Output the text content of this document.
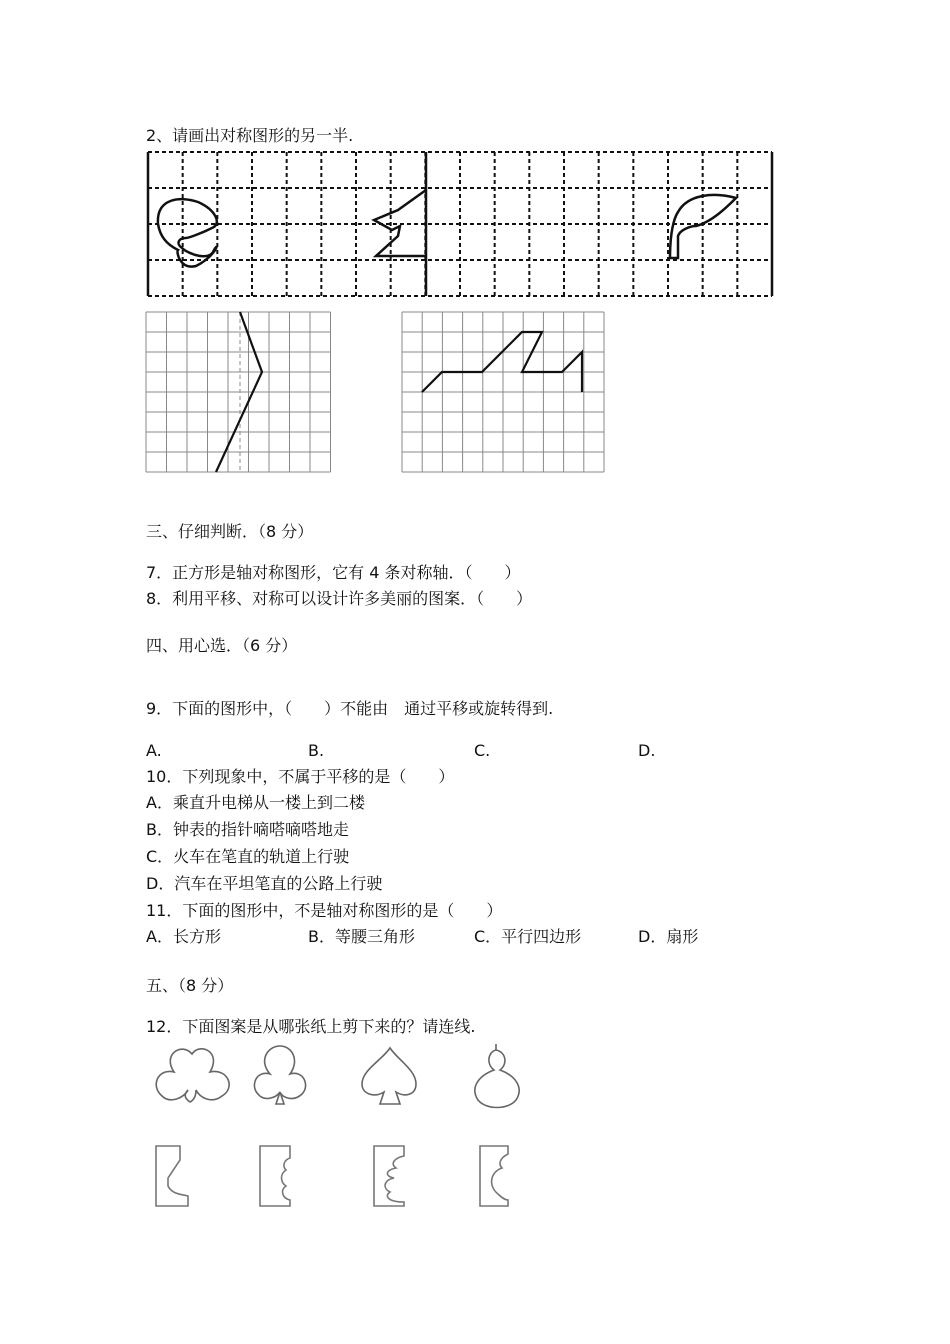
2、请画出对称图形的另一半.
三、仔细判断．（8 分）
7．正方形是轴对称图形，它有 4 条对称轴．（　　）
8．利用平移、对称可以设计许多美丽的图案．（　　）
四、用心选．（6 分）
9．下面的图形中，（　　）不能由　通过平移或旋转得到.
A.	B.	C.	D.
10．下列现象中，不属于平移的是（　　）
A．乘直升电梯从一楼上到二楼
B．钟表的指针嘀嗒嘀嗒地走
C．火车在笔直的轨道上行驶
D．汽车在平坦笔直的公路上行驶
11．下面的图形中，不是轴对称图形的是（　　）
A．长方形	B．等腰三角形	C．平行四边形	D．扇形
五、（8 分）
12．下面图案是从哪张纸上剪下来的？请连线.
